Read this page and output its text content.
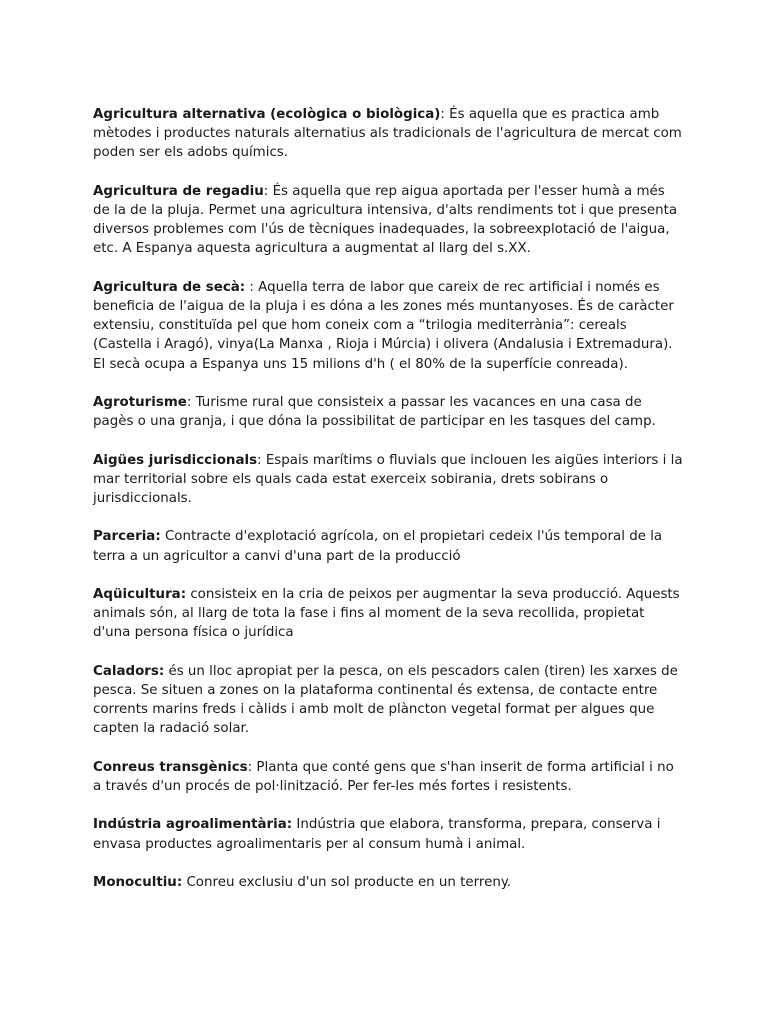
Agricultura alternativa (ecològica o biològica): És aquella que es practica amb mètodes i productes naturals alternatius als tradicionals de l'agricultura de mercat com poden ser els adobs químics.

Agricultura de regadiu: És aquella que rep aigua aportada per l'esser humà a més de la de la pluja. Permet una agricultura intensiva, d'alts rendiments tot i que presenta diversos problemes com l'ús de tècniques inadequades, la sobreexplotació de l'aigua, etc. A Espanya aquesta agricultura a augmentat al llarg del s.XX.

Agricultura de secà: : Aquella terra de labor que careix de rec artificial i només es beneficia de l'aigua de la pluja i es dóna a les zones més muntanyoses. És de caràcter extensiu, constituïda pel que hom coneix com a “trilogia mediterrània”: cereals (Castella i Aragó), vinya(La Manxa , Rioja i Múrcia) i olivera (Andalusia i Extremadura). El secà ocupa a Espanya uns 15 milions d'h ( el 80% de la superfície conreada).

Agroturisme: Turisme rural que consisteix a passar les vacances en una casa de pagès o una granja, i que dóna la possibilitat de participar en les tasques del camp.

Aigües jurisdiccionals: Espais marítims o fluvials que inclouen les aigües interiors i la mar territorial sobre els quals cada estat exerceix sobirania, drets sobirans o jurisdiccionals.

Parceria: Contracte d'explotació agrícola, on el propietari cedeix l'ús temporal de la terra a un agricultor a canvi d'una part de la producció

Aqüicultura: consisteix en la cria de peixos per augmentar la seva producció. Aquests animals són, al llarg de tota la fase i fins al moment de la seva recollida, propietat d'una persona física o jurídica

Caladors: és un lloc apropiat per la pesca, on els pescadors calen (tiren) les xarxes de pesca. Se situen a zones on la plataforma continental és extensa, de contacte entre corrents marins freds i càlids i amb molt de plàncton vegetal format per algues que capten la radació solar.

Conreus transgènics: Planta que conté gens que s'han inserit de forma artificial i no a través d'un procés de pol·linització. Per fer-les més fortes i resistents.

Indústria agroalimentària: Indústria que elabora, transforma, prepara, conserva i envasa productes agroalimentaris per al consum humà i animal.

Monocultiu: Conreu exclusiu d'un sol producte en un terreny.
